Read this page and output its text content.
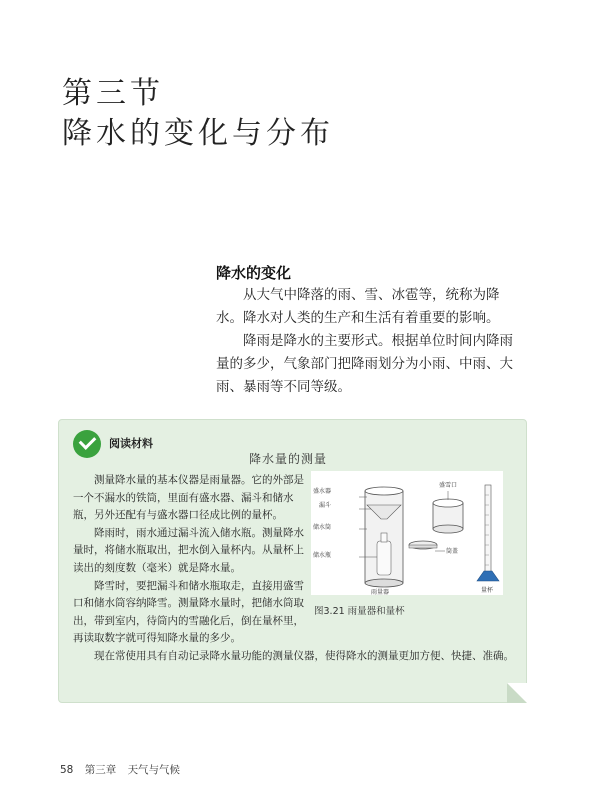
第三节
降水的变化与分布
降水的变化

从大气中降落的雨、雪、冰雹等，统称为降水。降水对人类的生产和生活有着重要的影响。

降雨是降水的主要形式。根据单位时间内降雨量的多少，气象部门把降雨划分为小雨、中雨、大雨、暴雨等不同等级。

阅读材料
降水量的测量

测量降水量的基本仪器是雨量器。它的外部是一个不漏水的铁筒，里面有盛水器、漏斗和储水瓶，另外还配有与盛水器口径成比例的量杯。

降雨时，雨水通过漏斗流入储水瓶。测量降水量时，将储水瓶取出，把水倒入量杯内。从量杯上读出的刻度数（毫米）就是降水量。

降雪时，要把漏斗和储水瓶取走，直接用盛雪口和储水筒容纳降雪。测量降水量时，把储水筒取出，带到室内，待筒内的雪融化后，倒在量杯里，再读取数字就可得知降水量的多少。

现在常使用具有自动记录降水量功能的测量仪器，使得降水的测量更加方便、快捷、准确。

盛水器
漏斗
储水筒
储水瓶
雨量器
盛雪口
筒盖
量杯
图3.21 雨量器和量杯
58 第三章 天气与气候
